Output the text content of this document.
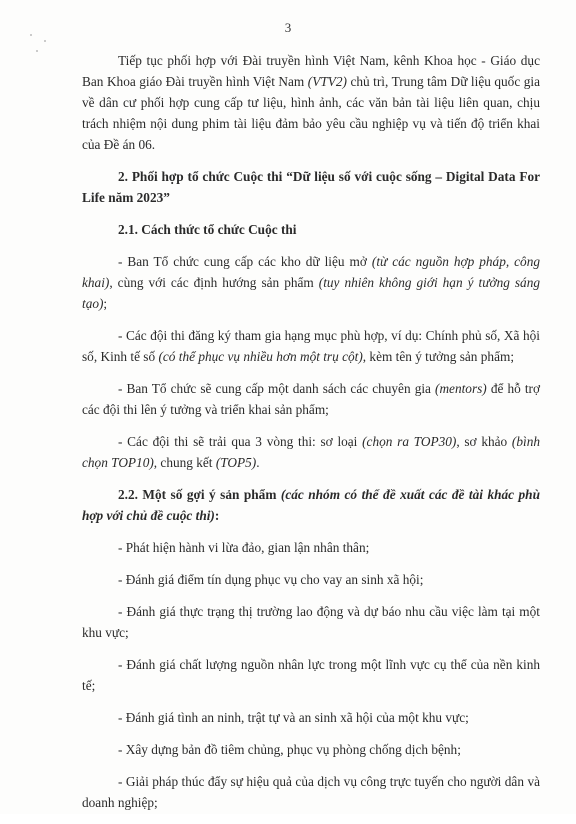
3

Tiếp tục phối hợp với Đài truyền hình Việt Nam, kênh Khoa học - Giáo dục Ban Khoa giáo Đài truyền hình Việt Nam (VTV2) chủ trì, Trung tâm Dữ liệu quốc gia về dân cư phối hợp cung cấp tư liệu, hình ảnh, các văn bản tài liệu liên quan, chịu trách nhiệm nội dung phim tài liệu đảm bảo yêu cầu nghiệp vụ và tiến độ triển khai của Đề án 06.

2. Phối hợp tổ chức Cuộc thi “Dữ liệu số với cuộc sống – Digital Data For Life năm 2023”

2.1. Cách thức tổ chức Cuộc thi

- Ban Tổ chức cung cấp các kho dữ liệu mở (từ các nguồn hợp pháp, công khai), cùng với các định hướng sản phẩm (tuy nhiên không giới hạn ý tưởng sáng tạo);

- Các đội thi đăng ký tham gia hạng mục phù hợp, ví dụ: Chính phủ số, Xã hội số, Kinh tế số (có thể phục vụ nhiều hơn một trụ cột), kèm tên ý tưởng sản phẩm;

- Ban Tổ chức sẽ cung cấp một danh sách các chuyên gia (mentors) để hỗ trợ các đội thi lên ý tưởng và triển khai sản phẩm;

- Các đội thi sẽ trải qua 3 vòng thi: sơ loại (chọn ra TOP30), sơ khảo (bình chọn TOP10), chung kết (TOP5).

2.2. Một số gợi ý sản phẩm (các nhóm có thể đề xuất các đề tài khác phù hợp với chủ đề cuộc thi):

- Phát hiện hành vi lừa đảo, gian lận nhân thân;

- Đánh giá điểm tín dụng phục vụ cho vay an sinh xã hội;

- Đánh giá thực trạng thị trường lao động và dự báo nhu cầu việc làm tại một khu vực;

- Đánh giá chất lượng nguồn nhân lực trong một lĩnh vực cụ thể của nền kinh tế;

- Đánh giá tình an ninh, trật tự và an sinh xã hội của một khu vực;

- Xây dựng bản đồ tiêm chủng, phục vụ phòng chống dịch bệnh;

- Giải pháp thúc đẩy sự hiệu quả của dịch vụ công trực tuyến cho người dân và doanh nghiệp;
